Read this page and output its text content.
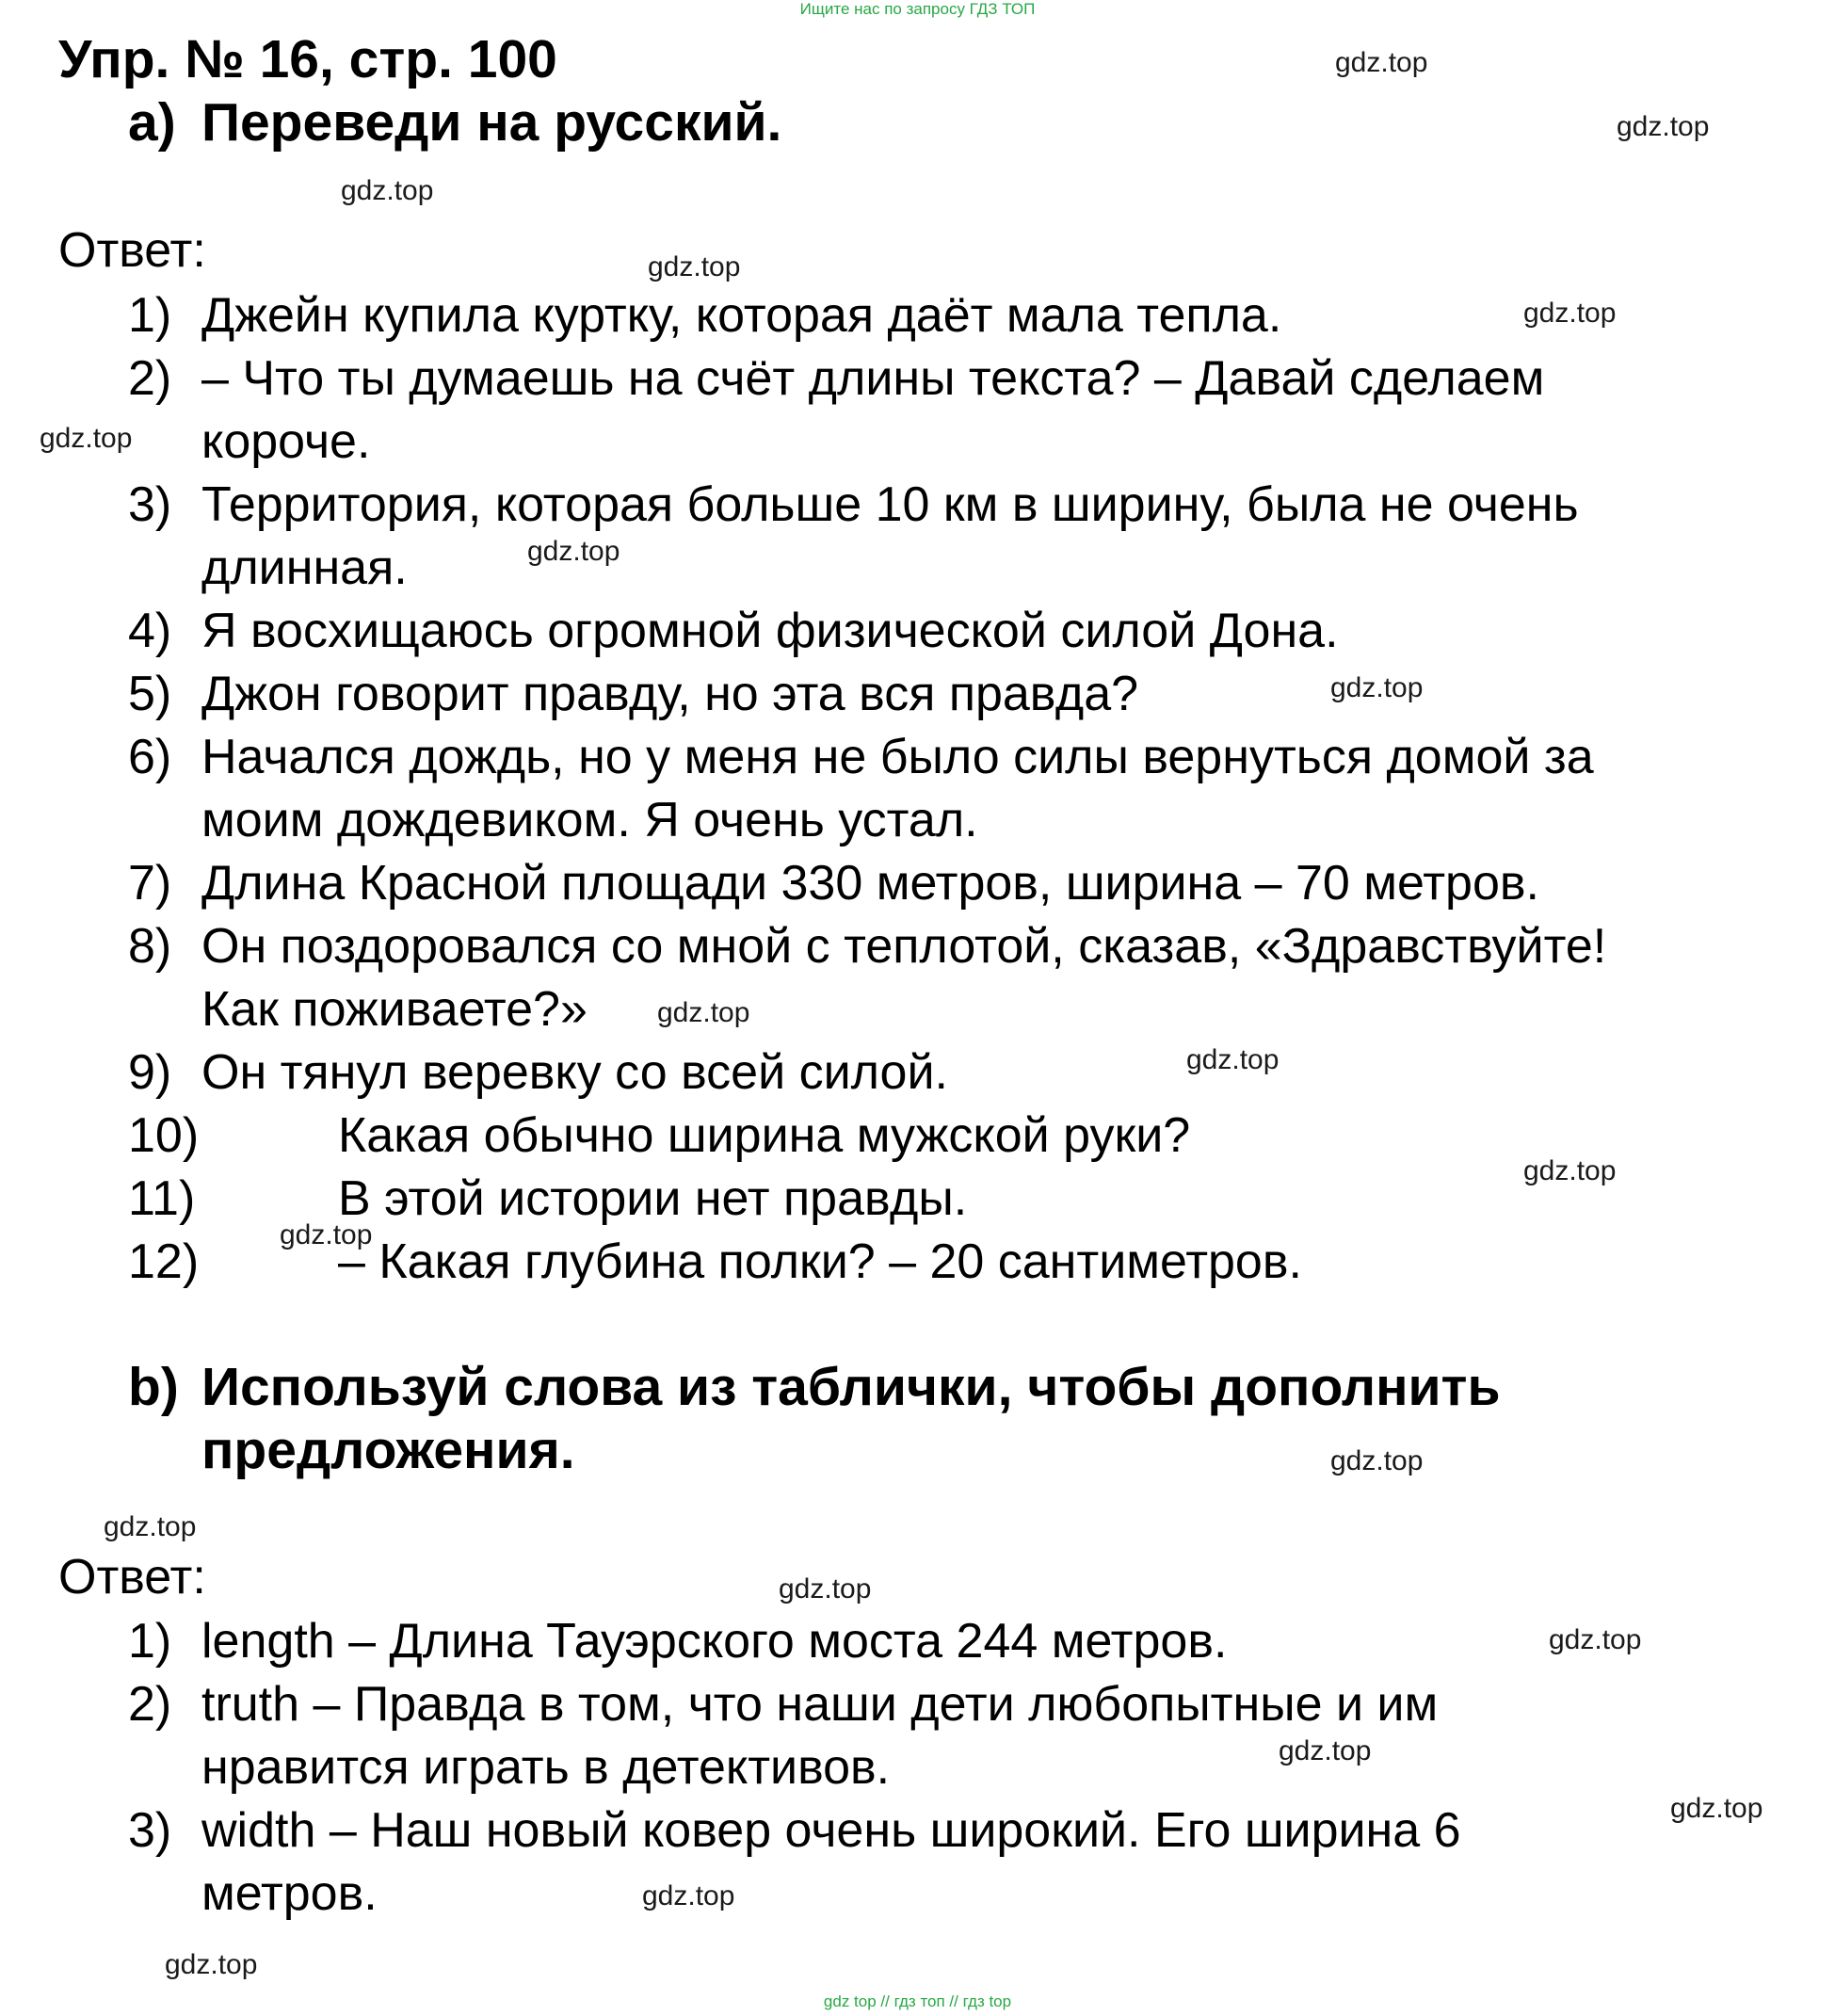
Ищите нас по запросу ГДЗ ТОП
Упр. № 16, стр. 100
a) Переведи на русский.
Ответ:
1) Джейн купила куртку, которая даёт мала тепла.
2) – Что ты думаешь на счёт длины текста? – Давай сделаем
короче.
3) Территория, которая больше 10 км в ширину, была не очень
длинная.
4) Я восхищаюсь огромной физической силой Дона.
5) Джон говорит правду, но эта вся правда?
6) Начался дождь, но у меня не было силы вернуться домой за
моим дождевиком. Я очень устал.
7) Длина Красной площади 330 метров, ширина – 70 метров.
8) Он поздоровался со мной с теплотой, сказав, «Здравствуйте!
Как поживаете?»
9) Он тянул веревку со всей силой.
10)	Какая обычно ширина мужской руки?
11)	В этой истории нет правды.
12)	– Какая глубина полки? – 20 сантиметров.
b) Используй слова из таблички, чтобы дополнить
предложения.
Ответ:
1) length – Длина Тауэрского моста 244 метров.
2) truth – Правда в том, что наши дети любопытные и им
нравится играть в детективов.
3) width – Наш новый ковер очень широкий. Его ширина 6
метров.
gdz.top
gdz.top
gdz.top
gdz.top
gdz.top
gdz.top
gdz.top
gdz.top
gdz.top
gdz.top
gdz.top
gdz.top
gdz.top
gdz.top
gdz.top
gdz.top
gdz.top
gdz.top
gdz.top
gdz.top
gdz top // гдз топ // гдз top
